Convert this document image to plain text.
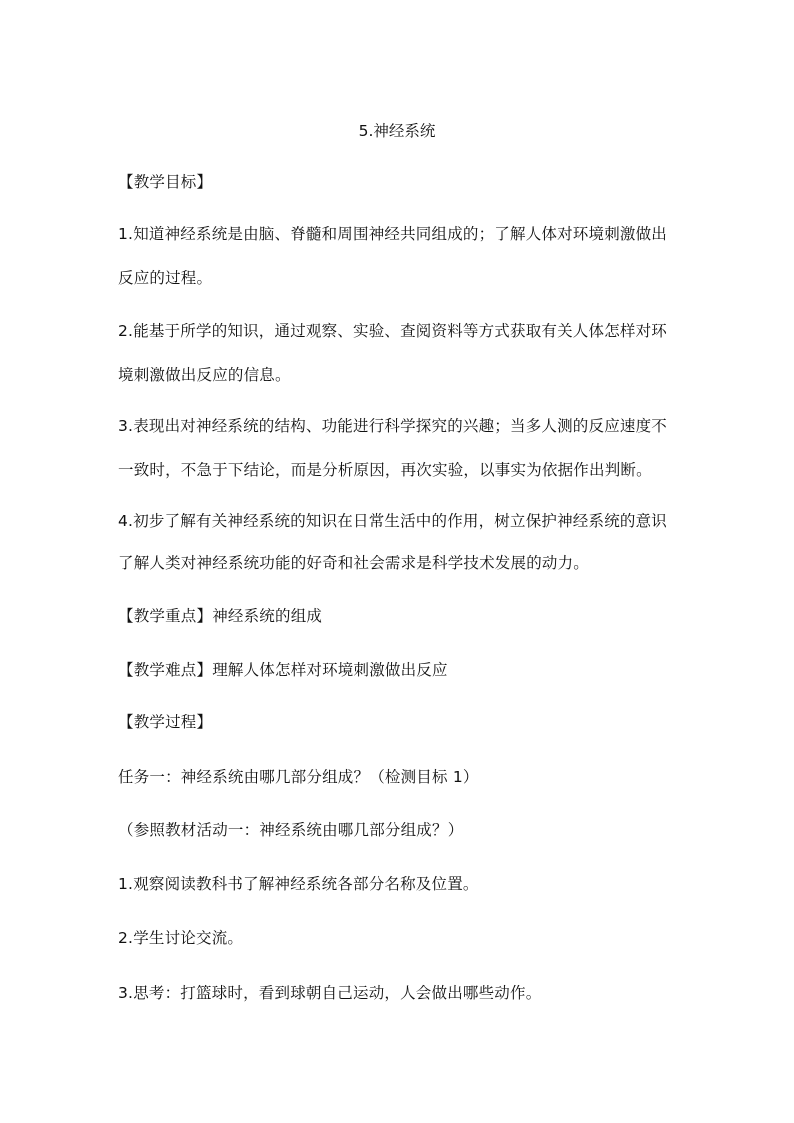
5.神经系统
【教学目标】
1.知道神经系统是由脑、脊髓和周围神经共同组成的；了解人体对环境刺激做出
反应的过程。
2.能基于所学的知识，通过观察、实验、查阅资料等方式获取有关人体怎样对环
境刺激做出反应的信息。
3.表现出对神经系统的结构、功能进行科学探究的兴趣；当多人测的反应速度不
一致时，不急于下结论，而是分析原因，再次实验，以事实为依据作出判断。
4.初步了解有关神经系统的知识在日常生活中的作用，树立保护神经系统的意识
了解人类对神经系统功能的好奇和社会需求是科学技术发展的动力。
【教学重点】神经系统的组成
【教学难点】理解人体怎样对环境刺激做出反应
【教学过程】
任务一：神经系统由哪几部分组成？（检测目标 1）
（参照教材活动一：神经系统由哪几部分组成？）
1.观察阅读教科书了解神经系统各部分名称及位置。
2.学生讨论交流。
3.思考：打篮球时，看到球朝自己运动，人会做出哪些动作。
